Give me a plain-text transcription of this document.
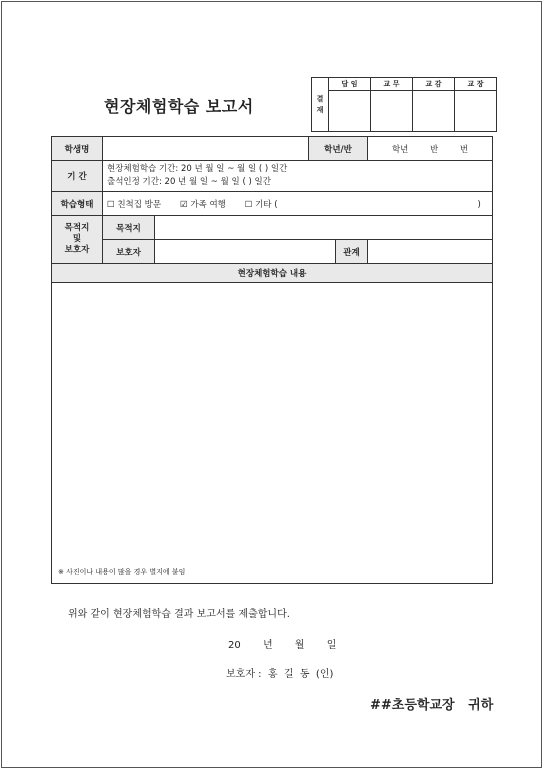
현장체험학습 보고서	결
재	담 임	교 무	교 감	교 장

학생명			학년/반		학년        반        번
기 간	현장체험학습 기간: 20 년 월 일 ~ 월 일 ( ) 일간
출석인정 기간: 20 년 월 일 ~ 월 일 ( ) 일간				

학습형태	☐ 친척집 방문       ☑ 가족 여행       ☐ 기타 (                                                                          )				
목적지
및
보호자	목적지				
	보호자			관계	
현장체험학습 내용					
※ 사진이나 내용이 많을 경우 별지에 붙임					
위와 같이 현장체험학습 결과 보고서를 제출합니다.
20       년       월       일
보호자 :  홍  길  동  (인)
##초등학교장   귀하
